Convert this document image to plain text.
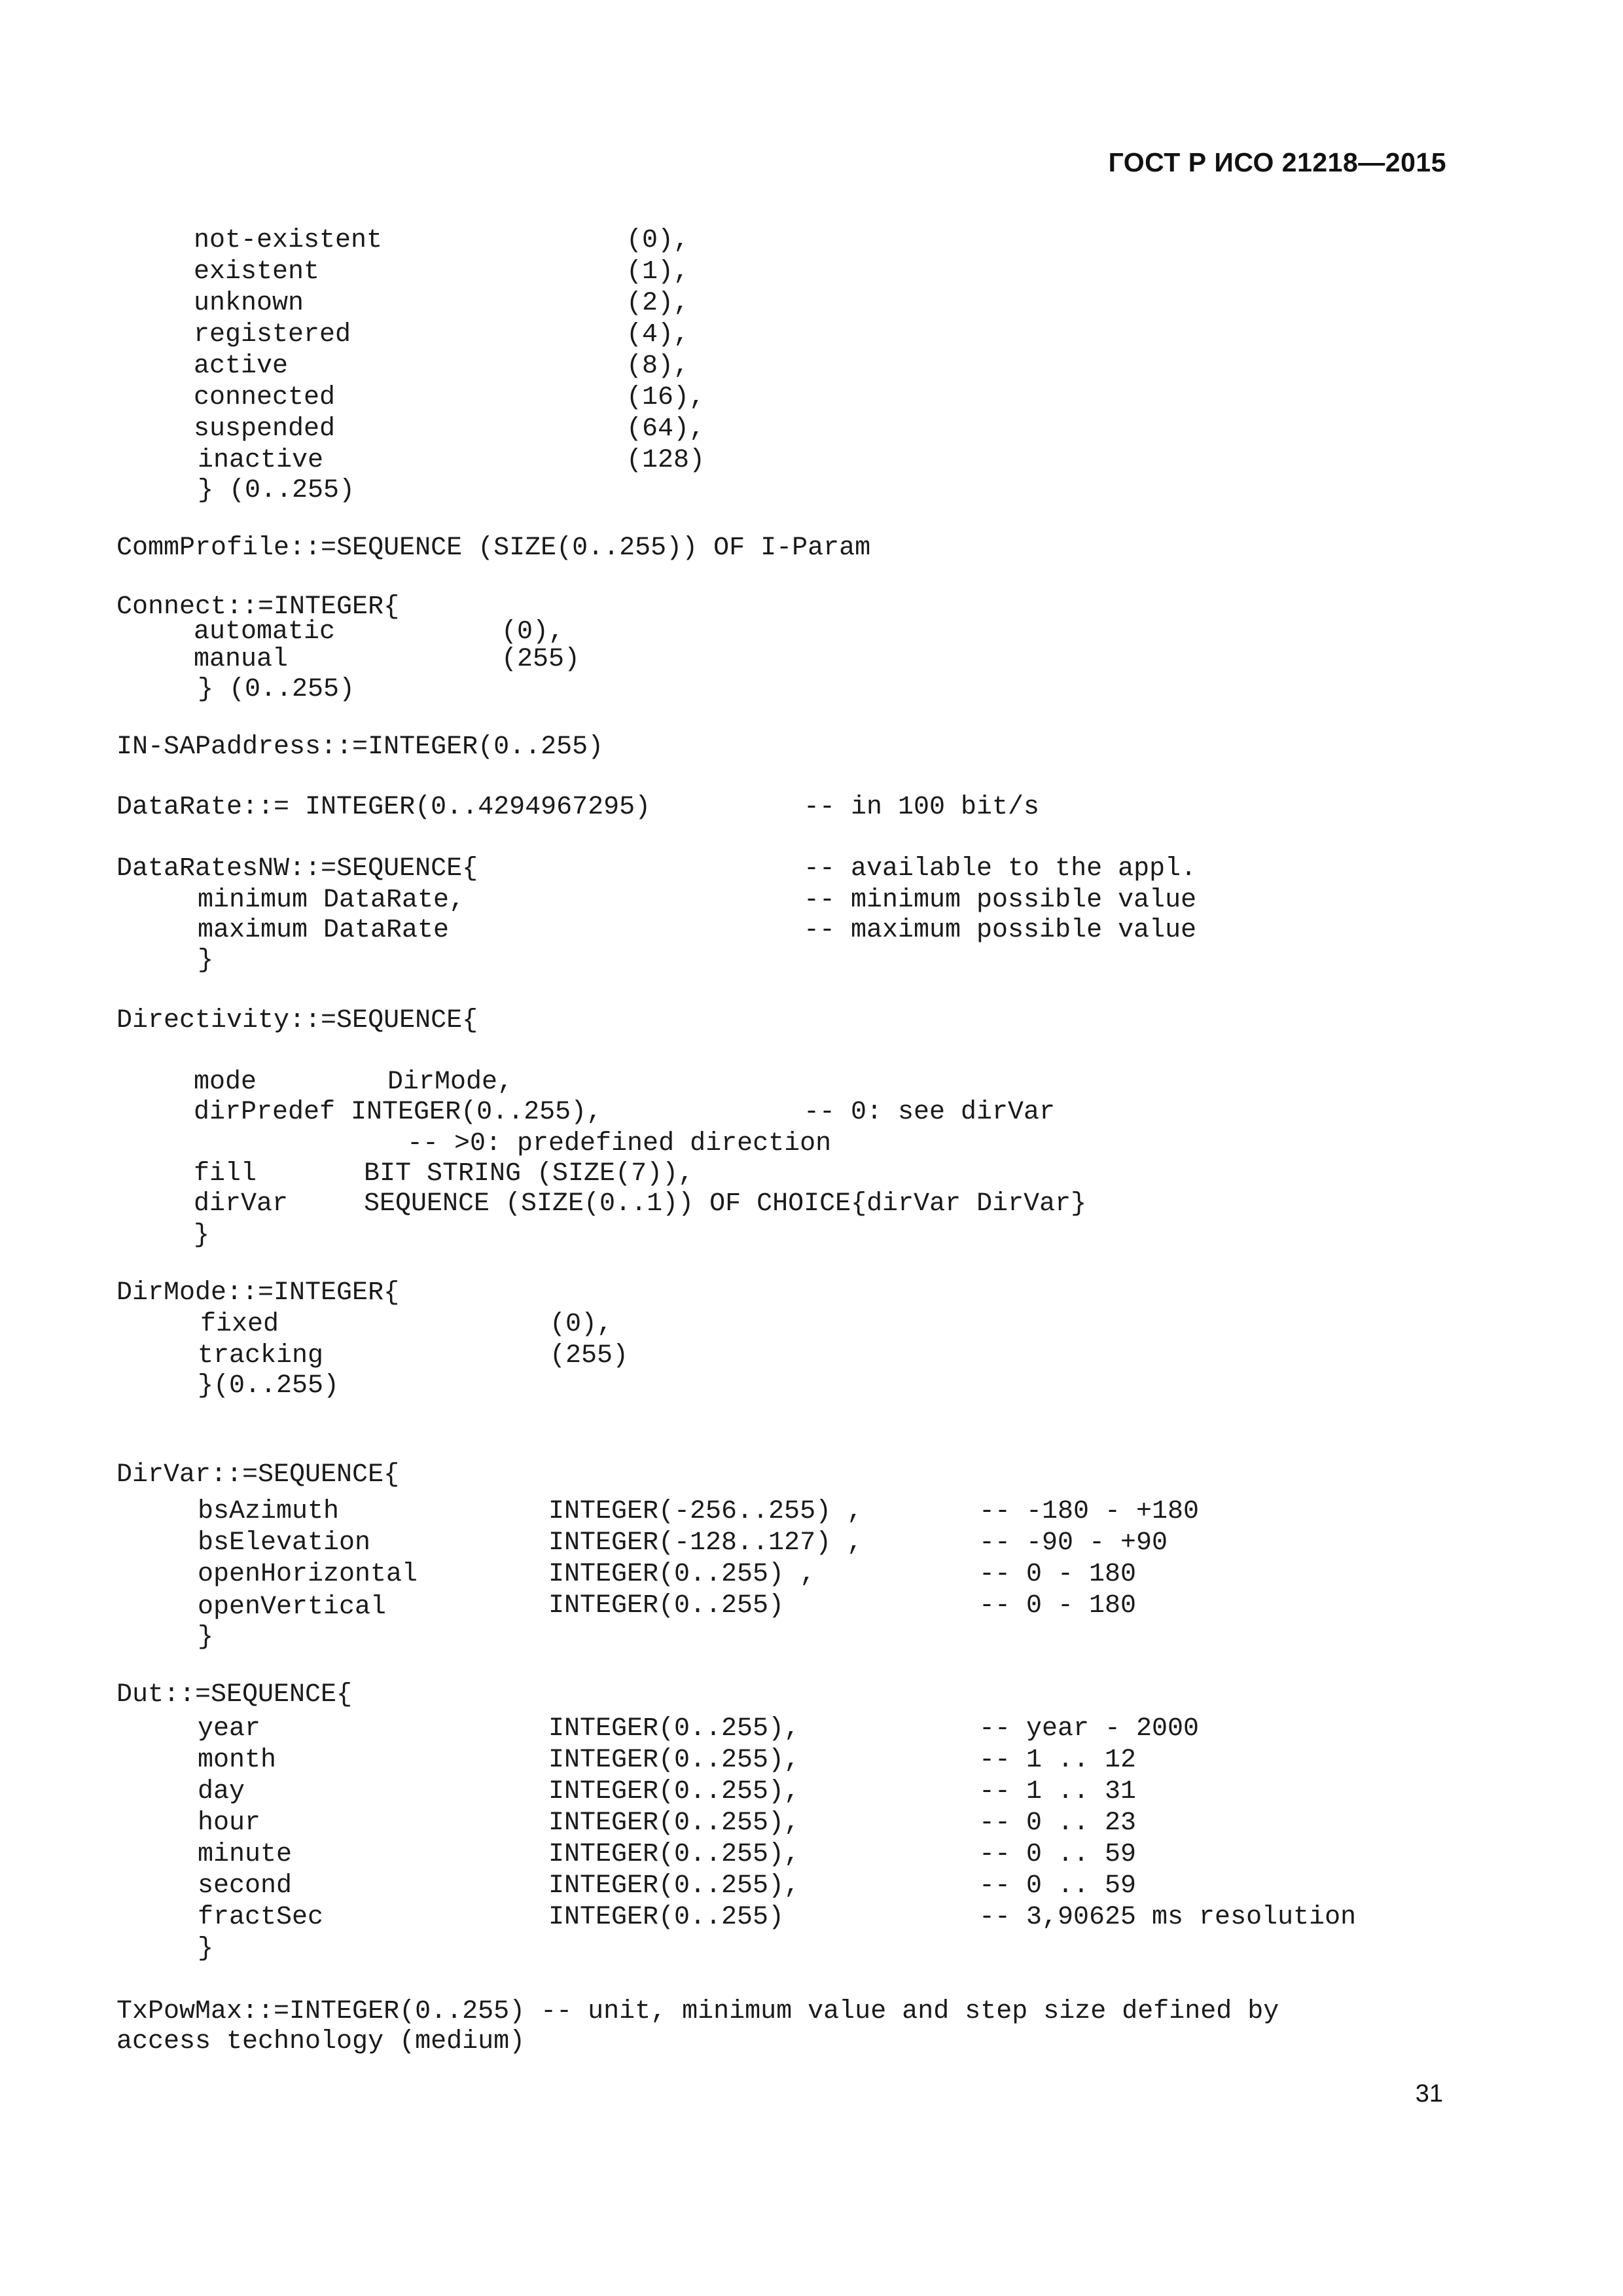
ГОСТ Р ИСО 21218—2015
not-existent	(0),
existent	(1),
unknown	(2),
registered	(4),
active	(8),
connected	(16),
suspended	(64),
inactive	(128)
} (0..255)
CommProfile::=SEQUENCE (SIZE(0..255)) OF I-Param
Connect::=INTEGER{
automatic	(0),
manual	(255)
} (0..255)
IN-SAPaddress::=INTEGER(0..255)
DataRate::= INTEGER(0..4294967295)	-- in 100 bit/s
DataRatesNW::=SEQUENCE{	-- available to the appl.
minimum DataRate,	-- minimum possible value
maximum DataRate	-- maximum possible value
}
Directivity::=SEQUENCE{
mode	DirMode,
dirPredef INTEGER(0..255),	-- 0: see dirVar
-- >0: predefined direction
fill	BIT STRING (SIZE(7)),
dirVar	SEQUENCE (SIZE(0..1)) OF CHOICE{dirVar DirVar}
}
DirMode::=INTEGER{
fixed	(0),
tracking	(255)
}(0..255)
DirVar::=SEQUENCE{
bsAzimuth	INTEGER(-256..255) ,	-- -180 - +180
bsElevation	INTEGER(-128..127) ,	-- -90 - +90
openHorizontal	INTEGER(0..255) ,	-- 0 - 180
openVertical	INTEGER(0..255)	-- 0 - 180
}
Dut::=SEQUENCE{
year	INTEGER(0..255),	-- year - 2000
month	INTEGER(0..255),	-- 1 .. 12
day	INTEGER(0..255),	-- 1 .. 31
hour	INTEGER(0..255),	-- 0 .. 23
minute	INTEGER(0..255),	-- 0 .. 59
second	INTEGER(0..255),	-- 0 .. 59
fractSec	INTEGER(0..255)	-- 3,90625 ms resolution
}
TxPowMax::=INTEGER(0..255) -- unit, minimum value and step size defined by
access technology (medium)
31
